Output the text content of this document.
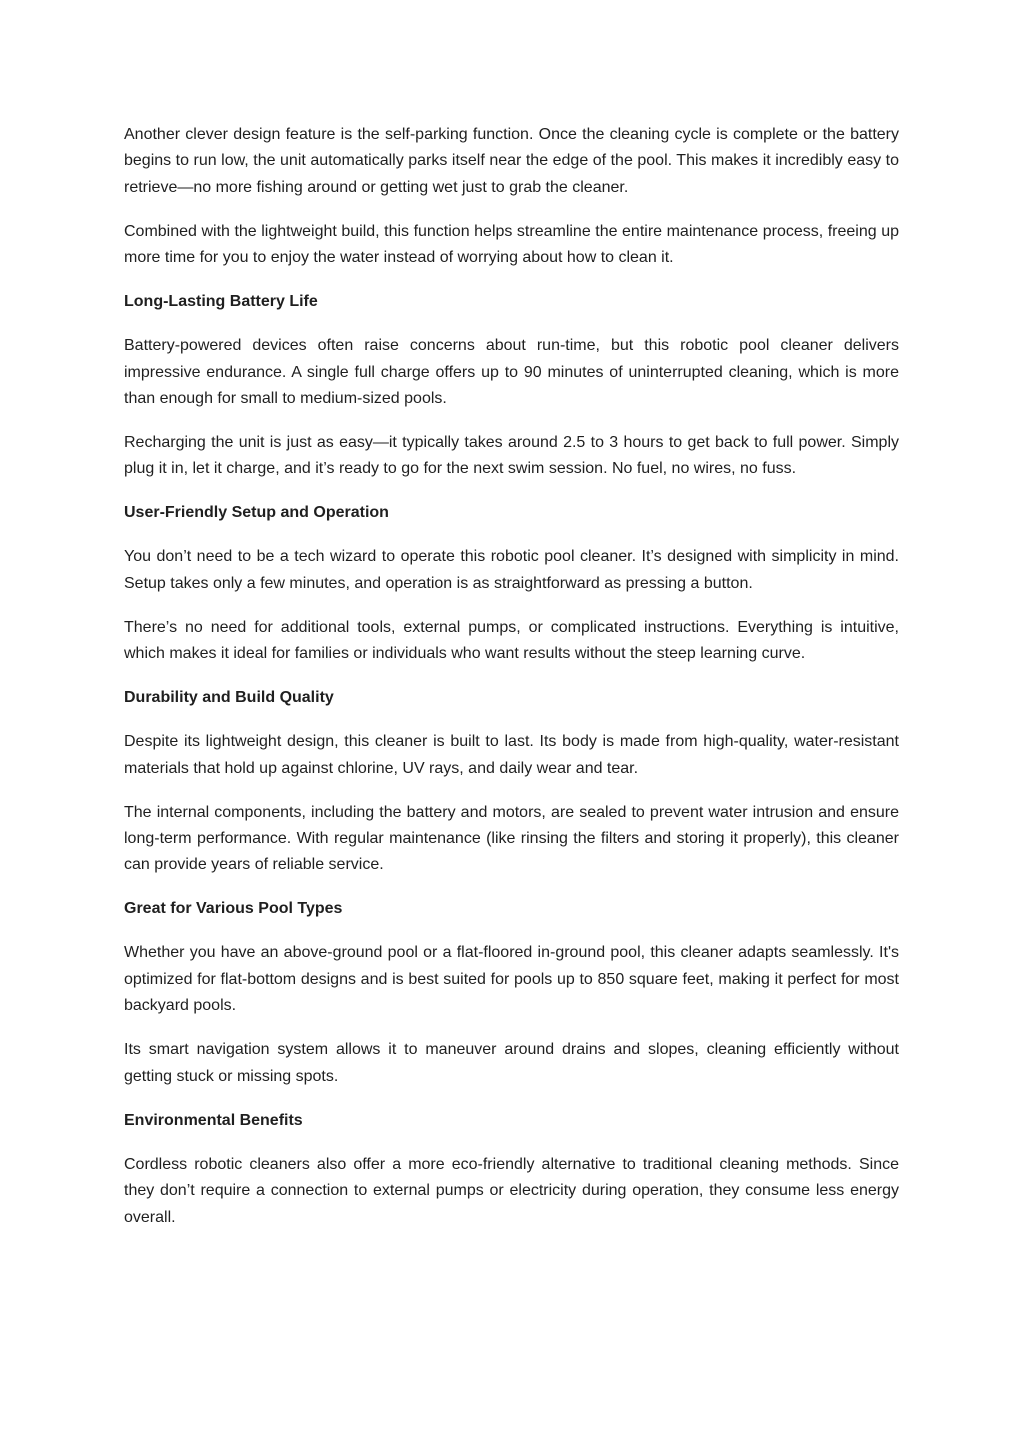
Another clever design feature is the self-parking function. Once the cleaning cycle is complete or the battery begins to run low, the unit automatically parks itself near the edge of the pool. This makes it incredibly easy to retrieve—no more fishing around or getting wet just to grab the cleaner.

Combined with the lightweight build, this function helps streamline the entire maintenance process, freeing up more time for you to enjoy the water instead of worrying about how to clean it.

Long-Lasting Battery Life

Battery-powered devices often raise concerns about run-time, but this robotic pool cleaner delivers impressive endurance. A single full charge offers up to 90 minutes of uninterrupted cleaning, which is more than enough for small to medium-sized pools.

Recharging the unit is just as easy—it typically takes around 2.5 to 3 hours to get back to full power. Simply plug it in, let it charge, and it’s ready to go for the next swim session. No fuel, no wires, no fuss.

User-Friendly Setup and Operation

You don’t need to be a tech wizard to operate this robotic pool cleaner. It’s designed with simplicity in mind. Setup takes only a few minutes, and operation is as straightforward as pressing a button.

There’s no need for additional tools, external pumps, or complicated instructions. Everything is intuitive, which makes it ideal for families or individuals who want results without the steep learning curve.

Durability and Build Quality

Despite its lightweight design, this cleaner is built to last. Its body is made from high-quality, water-resistant materials that hold up against chlorine, UV rays, and daily wear and tear.

The internal components, including the battery and motors, are sealed to prevent water intrusion and ensure long-term performance. With regular maintenance (like rinsing the filters and storing it properly), this cleaner can provide years of reliable service.

Great for Various Pool Types

Whether you have an above-ground pool or a flat-floored in-ground pool, this cleaner adapts seamlessly. It's optimized for flat-bottom designs and is best suited for pools up to 850 square feet, making it perfect for most backyard pools.

Its smart navigation system allows it to maneuver around drains and slopes, cleaning efficiently without getting stuck or missing spots.

Environmental Benefits

Cordless robotic cleaners also offer a more eco-friendly alternative to traditional cleaning methods. Since they don’t require a connection to external pumps or electricity during operation, they consume less energy overall.
